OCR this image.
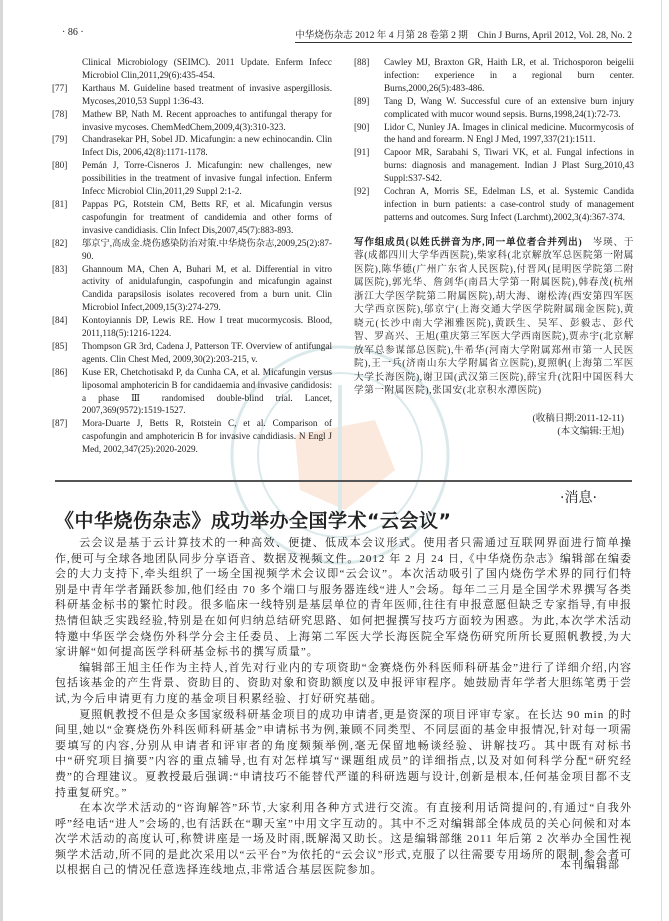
· 86 ·	中华烧伤杂志 2012 年 4 月第 28 卷第 2 期　Chin J Burns, April 2012, Vol. 28, No. 2
Clinical Microbiology (SEIMC). 2011 Update. Enferm Infecc Microbiol Clin,2011,29(6):435-454.
[77]	Karthaus M. Guideline based treatment of invasive aspergillosis. Mycoses,2010,53 Suppl 1:36-43.
[78]	Mathew BP, Nath M. Recent approaches to antifungal therapy for invasive mycoses. ChemMedChem,2009,4(3):310-323.
[79]	Chandrasekar PH, Sobel JD. Micafungin: a new echinocandin. Clin Infect Dis, 2006,42(8):1171-1178.
[80]	Pemán J, Torre-Cisneros J. Micafungin: new challenges, new possibilities in the treatment of invasive fungal infection. Enferm Infecc Microbiol Clin,2011,29 Suppl 2:1-2.
[81]	Pappas PG, Rotstein CM, Betts RF, et al. Micafungin versus caspofungin for treatment of candidemia and other forms of invasive candidiasis. Clin Infect Dis,2007,45(7):883-893.
[82]	邬京宁,高成金.烧伤感染防治对策.中华烧伤杂志,2009,25(2):87-90.
[83]	Ghannoum MA, Chen A, Buhari M, et al. Differential in vitro activity of anidulafungin, caspofungin and micafungin against Candida parapsilosis isolates recovered from a burn unit. Clin Microbiol Infect,2009,15(3):274-279.
[84]	Kontoyiannis DP, Lewis RE. How I treat mucormycosis. Blood, 2011,118(5):1216-1224.
[85]	Thompson GR 3rd, Cadena J, Patterson TF. Overview of antifungal agents. Clin Chest Med, 2009,30(2):203-215, v.
[86]	Kuse ER, Chetchotisakd P, da Cunha CA, et al. Micafungin versus liposomal amphotericin B for candidaemia and invasive candidosis: a phase Ⅲ randomised double-blind trial. Lancet, 2007,369(9572):1519-1527.
[87]	Mora-Duarte J, Betts R, Rotstein C, et al. Comparison of caspofungin and amphotericin B for invasive candidiasis. N Engl J Med, 2002,347(25):2020-2029.
[88]	Cawley MJ, Braxton GR, Haith LR, et al. Trichosporon beigelii infection: experience in a regional burn center. Burns,2000,26(5):483-486.
[89]	Tang D, Wang W. Successful cure of an extensive burn injury complicated with mucor wound sepsis. Burns,1998,24(1):72-73.
[90]	Lidor C, Nunley JA. Images in clinical medicine. Mucormycosis of the hand and forearm. N Engl J Med, 1997,337(21):1511.
[91]	Capoor MR, Sarabahi S, Tiwari VK, et al. Fungal infections in burns: diagnosis and management. Indian J Plast Surg,2010,43 Suppl:S37-S42.
[92]	Cochran A, Morris SE, Edelman LS, et al. Systemic Candida infection in burn patients: a case-control study of management patterns and outcomes. Surg Infect (Larchmt),2002,3(4):367-374.
写作组成员(以姓氏拼音为序,同一单位者合并列出)　 岑瑛、于蓉(成都四川大学华西医院),柴家科(北京解放军总医院第一附属医院),陈华德(广州广东省人民医院),付晋风(昆明医学院第二附属医院),郭光华、詹剑华(南昌大学第一附属医院),韩春茂(杭州浙江大学医学院第二附属医院),胡大海、谢松涛(西安第四军医大学西京医院),邬京宁(上海交通大学医学院附属瑞金医院),黄晓元(长沙中南大学湘雅医院),黄跃生、吴军、彭毅志、彭代智、罗高兴、王旭(重庆第三军医大学西南医院),贾赤宇(北京解放军总参谋部总医院),牛希华(河南大学附属郑州市第一人民医院),王一兵(济南山东大学附属省立医院),夏照帆(上海第二军医大学长海医院),谢卫国(武汉第三医院),薛宝升(沈阳中国医科大学第一附属医院),张国安(北京积水潭医院)
(收稿日期:2011-12-11)
(本文编辑:王旭)
·消息·
《中华烧伤杂志》成功举办全国学术“云会议”

云会议是基于云计算技术的一种高效、便捷、低成本会议形式。使用者只需通过互联网界面进行简单操作,便可与全球各地团队同步分享语音、数据及视频文件。2012 年 2 月 24 日,《中华烧伤杂志》编辑部在编委会的大力支持下,牵头组织了一场全国视频学术会议即“云会议”。本次活动吸引了国内烧伤学术界的同行们特别是中青年学者踊跃参加,他们经由 70 多个端口与服务器连线“进人”会场。每年二三月是全国学术界撰写各类科研基金标书的繁忙时段。很多临床一线特别是基层单位的青年医师,往往有申报意愿但缺乏专家指导,有申报热情但缺乏实践经验,特别是在如何归纳总结研究思路、如何把握撰写技巧方面较为困惑。为此,本次学术活动特邀中华医学会烧伤外科学分会主任委员、上海第二军医大学长海医院全军烧伤研究所所长夏照帆教授,为大家讲解“如何提高医学科研基金标书的撰写质量”。

编辑部王旭主任作为主持人,首先对行业内的专项资助“金赛烧伤外科医师科研基金”进行了详细介绍,内容包括该基金的产生背景、资助目的、资助对象和资助额度以及申报评审程序。她鼓励青年学者大胆练笔勇于尝试,为今后申请更有力度的基金项目积累经验、打好研究基础。

夏照帆教授不但是众多国家级科研基金项目的成功申请者,更是资深的项目评审专家。在长达 90 min 的时间里,她以“金赛烧伤外科医师科研基金”申请标书为例,兼顾不同类型、不同层面的基金申报情况,针对每一项需要填写的内容,分别从申请者和评审者的角度频频举例,毫无保留地畅谈经验、讲解技巧。其中既有对标书中“研究项目摘要”内容的重点辅导,也有对怎样填写“课题组成员”的详细指点,以及对如何科学分配“研究经费”的合理建议。夏教授最后强调:“申请技巧不能替代严谨的科研选题与设计,创新是根本,任何基金项目都不支持重复研究。”

在本次学术活动的“咨询解答”环节,大家利用各种方式进行交流。有直接利用话筒提问的,有通过“自我外呼”经电话“进人”会场的,也有活跃在“聊天室”中用文字互动的。其中不乏对编辑部全体成员的关心问候和对本次学术活动的高度认可,称赞讲座是一场及时雨,既解渴又助长。这是编辑部继 2011 年后第 2 次举办全国性视频学术活动,所不同的是此次采用以“云平台”为依托的“云会议”形式,克服了以往需要专用场所的限制,参会者可以根据自己的情况任意选择连线地点,非常适合基层医院参加。	本刊编辑部
